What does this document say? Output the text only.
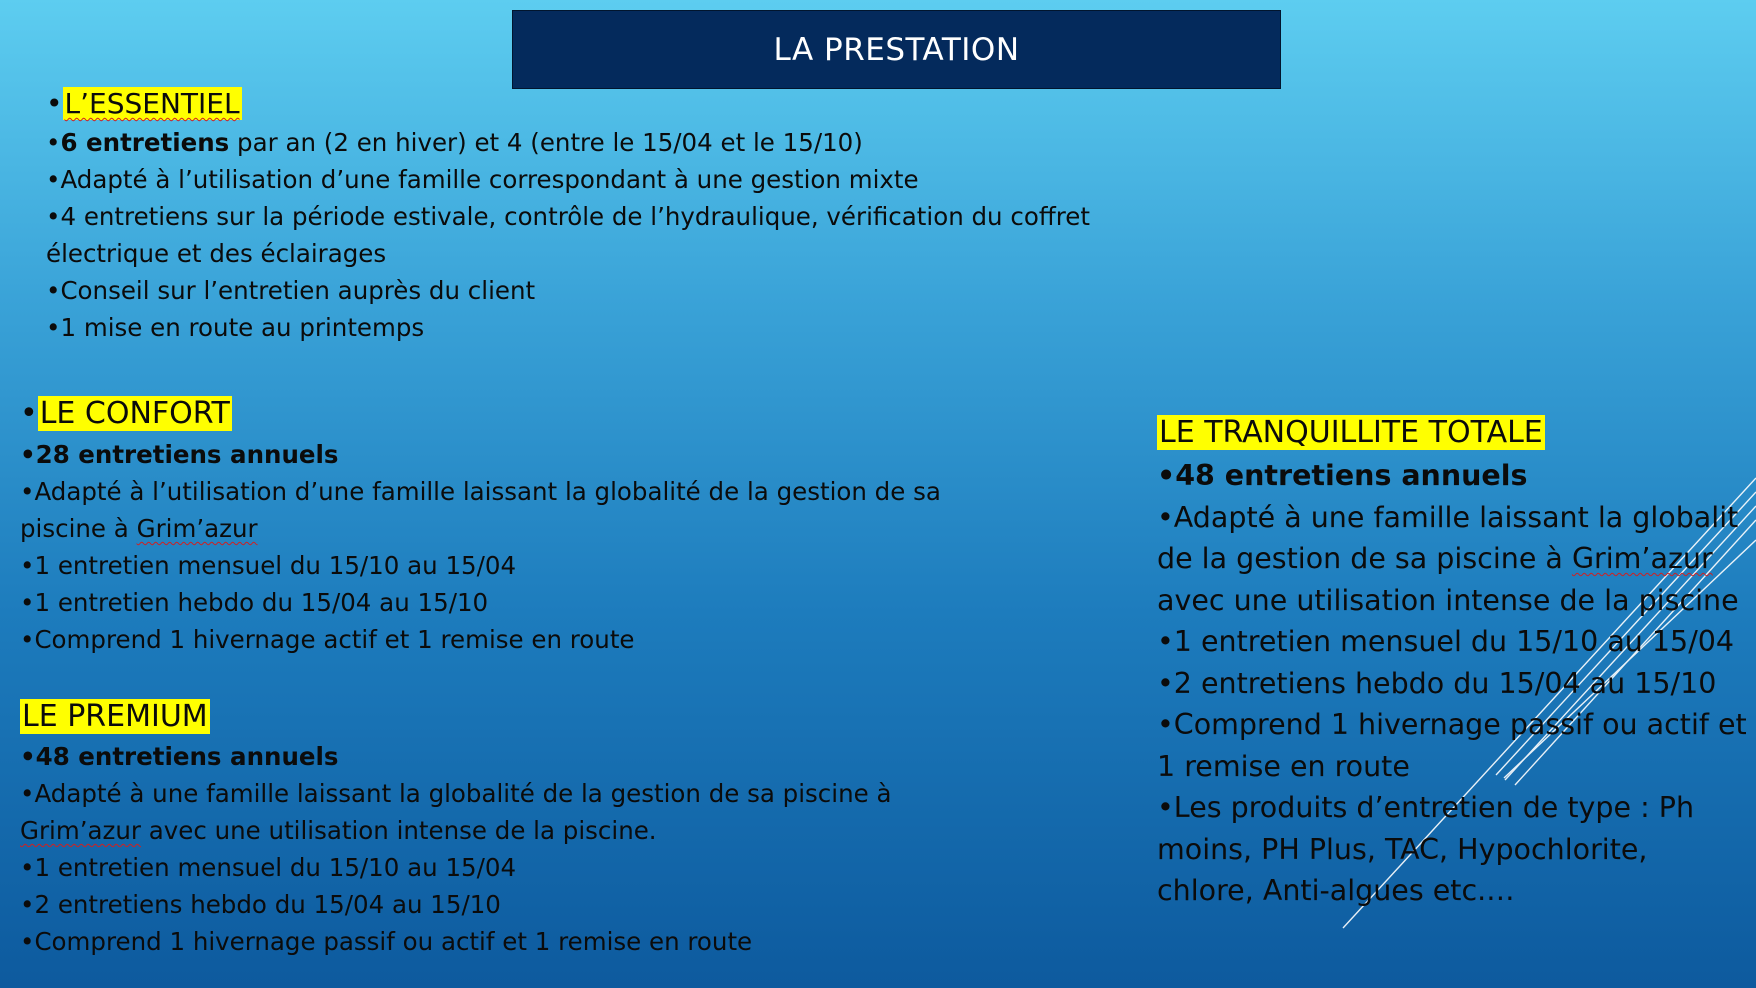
LA PRESTATION
•L’ESSENTIEL
•6 entretiens par an (2 en hiver) et 4 (entre le 15/04 et le 15/10)
•Adapté à l’utilisation d’une famille correspondant à une gestion mixte
•4 entretiens sur la période estivale, contrôle de l’hydraulique, vérification du coffret
électrique et des éclairages
•Conseil sur l’entretien auprès du client
•1 mise en route au printemps
•LE CONFORT
•28 entretiens annuels
•Adapté à l’utilisation d’une famille laissant la globalité de la gestion de sa
piscine à Grim’azur
•1 entretien mensuel du 15/10 au 15/04
•1 entretien hebdo du 15/04 au 15/10
•Comprend 1 hivernage actif et 1 remise en route
LE PREMIUM
•48 entretiens annuels
•Adapté à une famille laissant la globalité de la gestion de sa piscine à
Grim’azur avec une utilisation intense de la piscine.
•1 entretien mensuel du 15/10 au 15/04
•2 entretiens hebdo du 15/04 au 15/10
•Comprend 1 hivernage passif ou actif et 1 remise en route
LE TRANQUILLITE TOTALE
•48 entretiens annuels
•Adapté à une famille laissant la globalit
de la gestion de sa piscine à Grim’azur
avec une utilisation intense de la piscine
•1 entretien mensuel du 15/10 au 15/04
•2 entretiens hebdo du 15/04 au 15/10
•Comprend 1 hivernage passif ou actif et
1 remise en route
•Les produits d’entretien de type : Ph
moins, PH Plus, TAC, Hypochlorite,
chlore, Anti-algues etc.…
